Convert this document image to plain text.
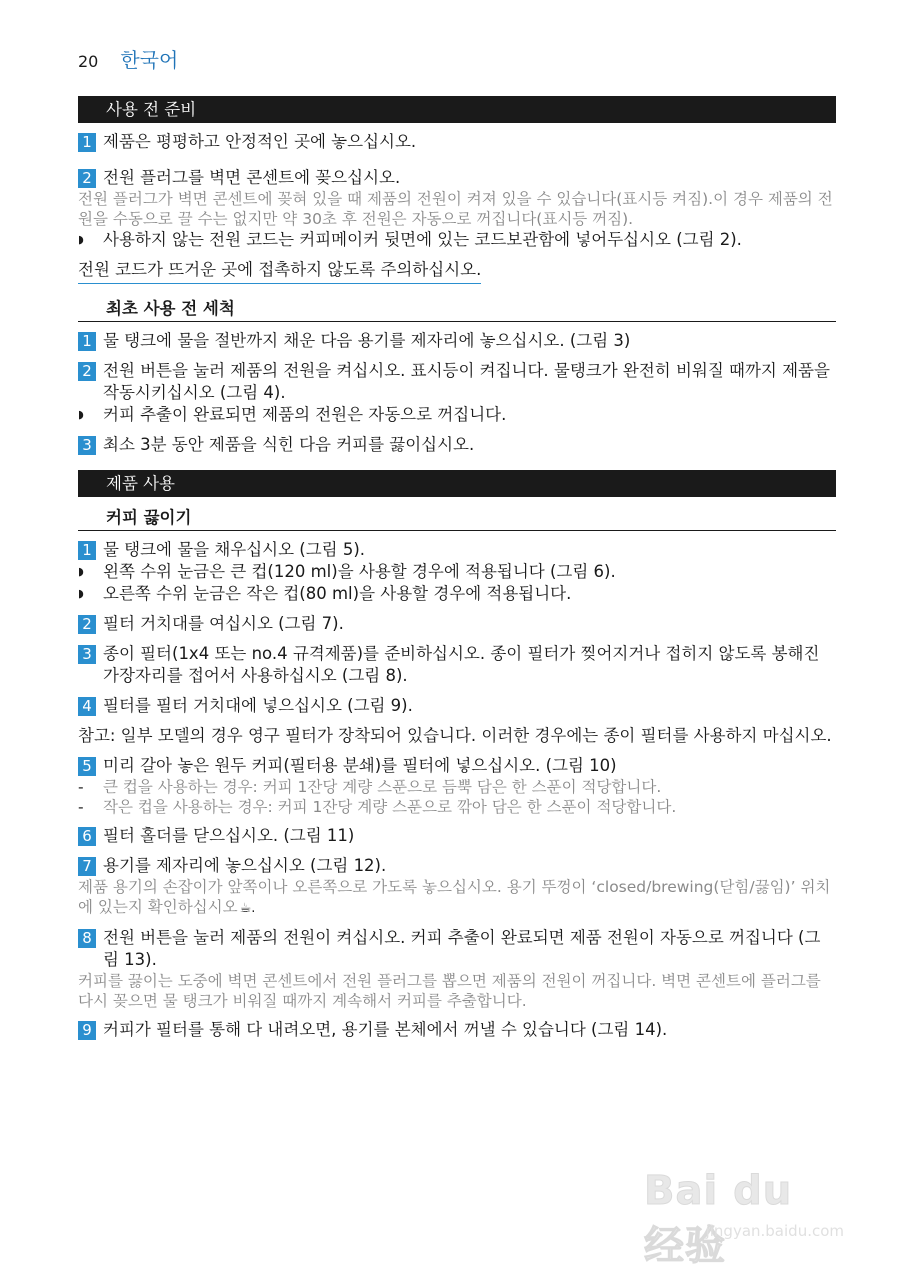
20 한국어
사용 전 준비
1 제품은 평평하고 안정적인 곳에 놓으십시오.
2 전원 플러그를 벽면 콘센트에 꽂으십시오.
전원 플러그가 벽면 콘센트에 꽂혀 있을 때 제품의 전원이 켜져 있을 수 있습니다(표시등 켜짐).이 경우 제품의 전원을 수동으로 끌 수는 없지만 약 30초 후 전원은 자동으로 꺼집니다(표시등 꺼짐).
◗	사용하지 않는 전원 코드는 커피메이커 뒷면에 있는 코드보관함에 넣어두십시오 (그림 2).
전원 코드가 뜨거운 곳에 접촉하지 않도록 주의하십시오.
최초 사용 전 세척
1 물 탱크에 물을 절반까지 채운 다음 용기를 제자리에 놓으십시오. (그림 3)
2 전원 버튼을 눌러 제품의 전원을 켜십시오. 표시등이 켜집니다. 물탱크가 완전히 비워질 때까지 제품을 작동시키십시오 (그림 4).
◗	커피 추출이 완료되면 제품의 전원은 자동으로 꺼집니다.
3 최소 3분 동안 제품을 식힌 다음 커피를 끓이십시오.
제품 사용
커피 끓이기
1 물 탱크에 물을 채우십시오 (그림 5).
◗	왼쪽 수위 눈금은 큰 컵(120 ml)을 사용할 경우에 적용됩니다 (그림 6).
◗	오른쪽 수위 눈금은 작은 컵(80 ml)을 사용할 경우에 적용됩니다.
2 필터 거치대를 여십시오 (그림 7).
3 종이 필터(1x4 또는 no.4 규격제품)를 준비하십시오. 종이 필터가 찢어지거나 접히지 않도록 봉해진 가장자리를 접어서 사용하십시오 (그림 8).
4 필터를 필터 거치대에 넣으십시오 (그림 9).
참고: 일부 모델의 경우 영구 필터가 장착되어 있습니다. 이러한 경우에는 종이 필터를 사용하지 마십시오.
5 미리 갈아 놓은 원두 커피(필터용 분쇄)를 필터에 넣으십시오. (그림 10)
-	큰 컵을 사용하는 경우: 커피 1잔당 계량 스푼으로 듬뿍 담은 한 스푼이 적당합니다.
-	작은 컵을 사용하는 경우: 커피 1잔당 계량 스푼으로 깎아 담은 한 스푼이 적당합니다.
6 필터 홀더를 닫으십시오. (그림 11)
7 용기를 제자리에 놓으십시오 (그림 12).
제품 용기의 손잡이가 앞쪽이나 오른쪽으로 가도록 놓으십시오. 용기 뚜껑이 ‘closed/brewing(닫힘/끓임)’ 위치에 있는지 확인하십시오 ☕.
8 전원 버튼을 눌러 제품의 전원이 켜십시오. 커피 추출이 완료되면 제품 전원이 자동으로 꺼집니다 (그림 13).
커피를 끓이는 도중에 벽면 콘센트에서 전원 플러그를 뽑으면 제품의 전원이 꺼집니다. 벽면 콘센트에 플러그를 다시 꽂으면 물 탱크가 비워질 때까지 계속해서 커피를 추출합니다.
9 커피가 필터를 통해 다 내려오면, 용기를 본체에서 꺼낼 수 있습니다 (그림 14).
Bai du 经验
jingyan.baidu.com
